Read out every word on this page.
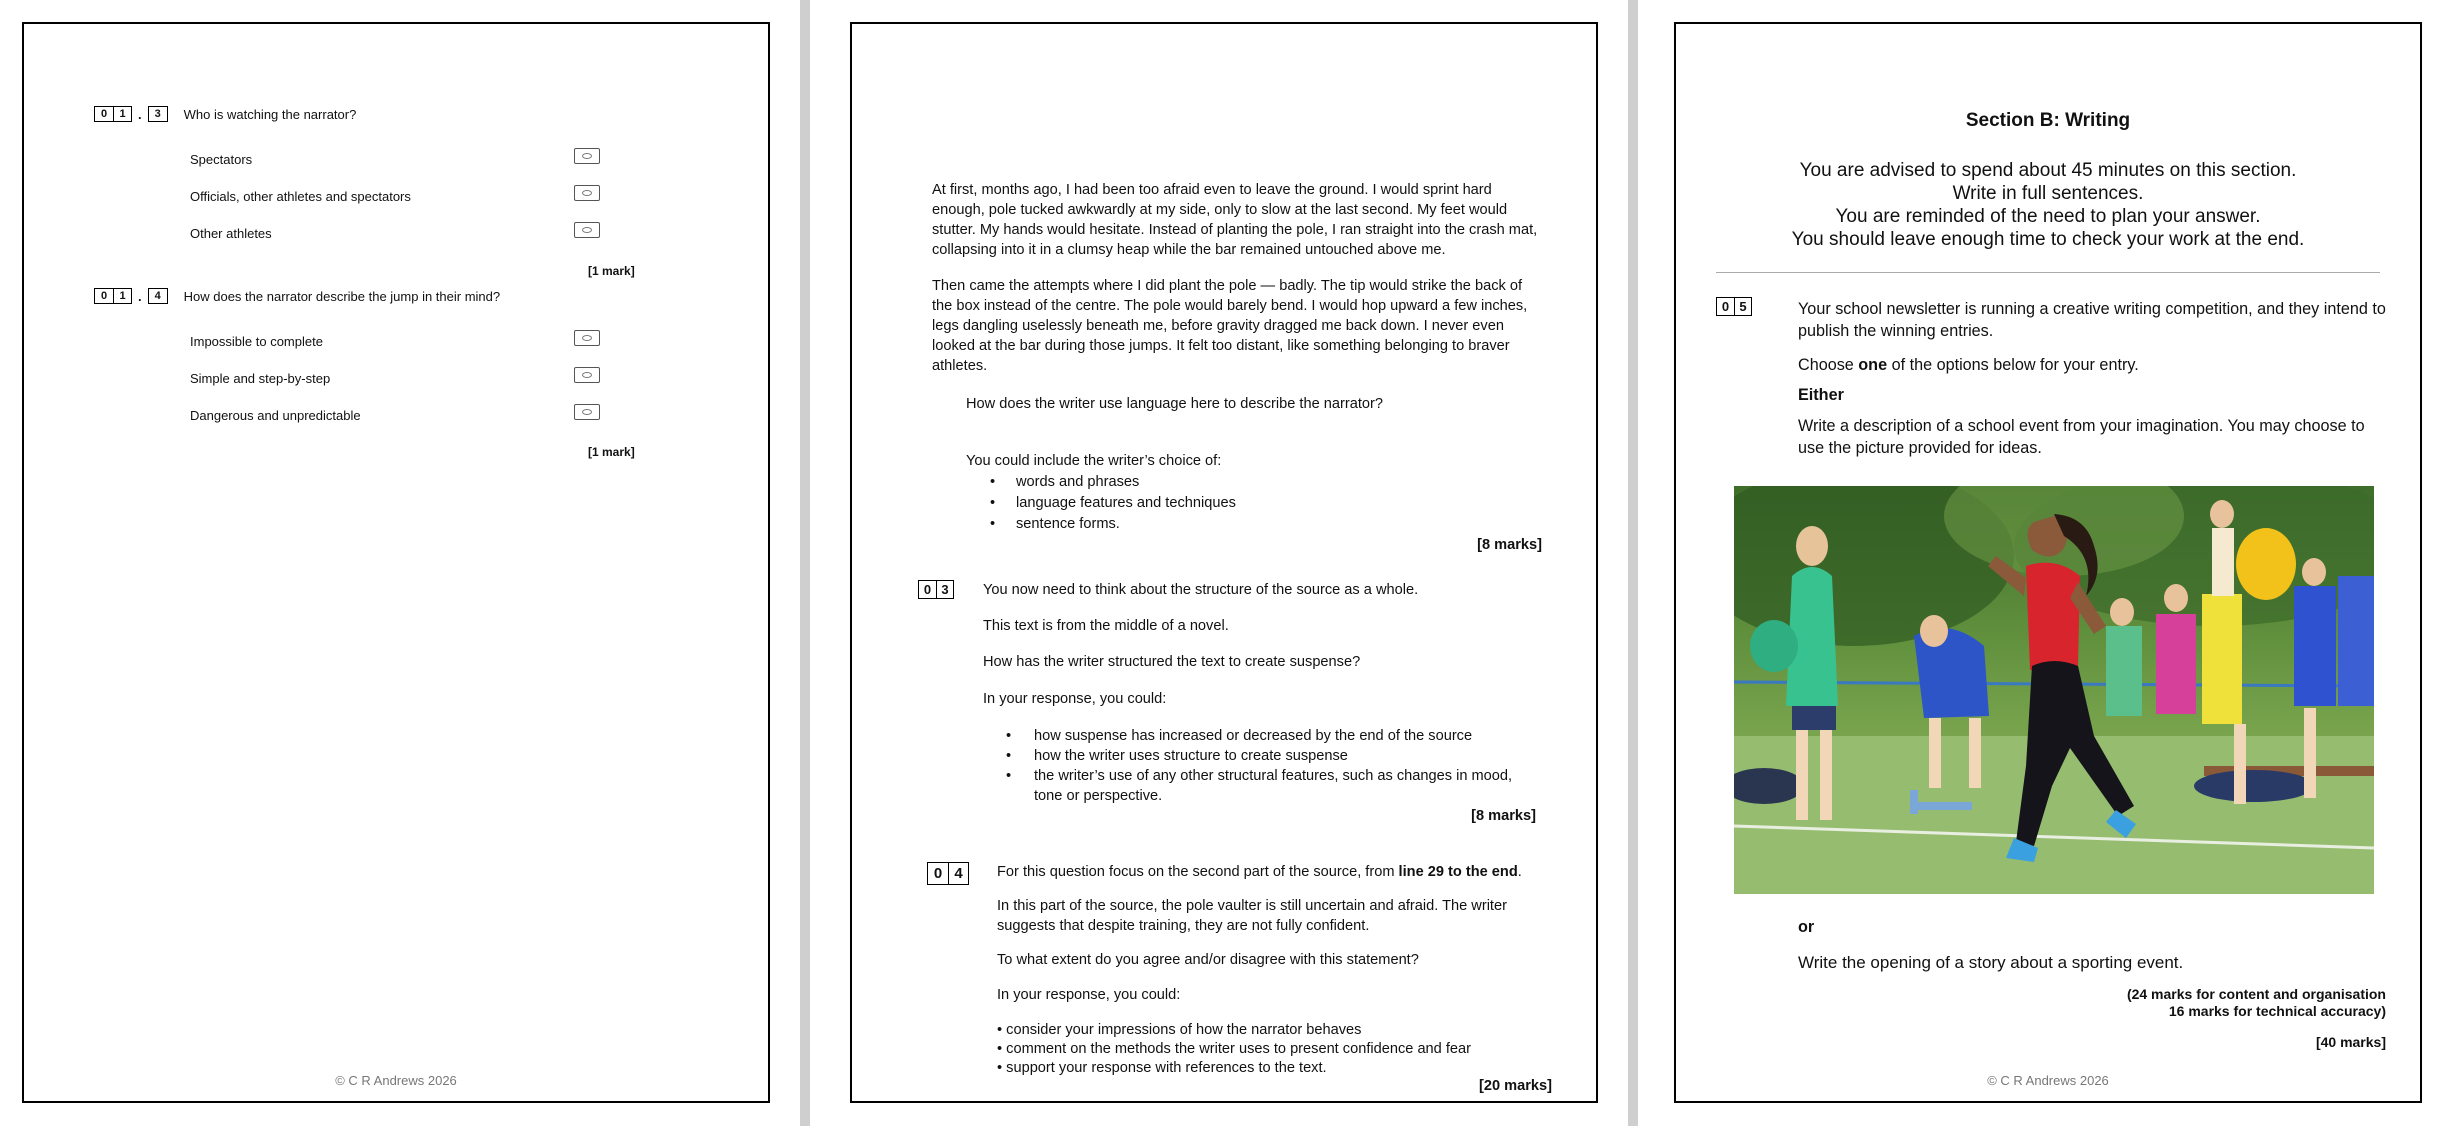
0 1 .	3	Who is watching the narrator?
Spectators
Officials, other athletes and spectators
Other athletes
[1 mark]
0 1 .	4	How does the narrator describe the jump in their mind?
Impossible to complete
Simple and step-by-step
Dangerous and unpredictable
[1 mark]
© C R Andrews 2026
At first, months ago, I had been too afraid even to leave the ground. I would sprint hard enough, pole tucked awkwardly at my side, only to slow at the last second. My feet would stutter. My hands would hesitate. Instead of planting the pole, I ran straight into the crash mat, collapsing into it in a clumsy heap while the bar remained untouched above me.
Then came the attempts where I did plant the pole — badly. The tip would strike the back of the box instead of the centre. The pole would barely bend. I would hop upward a few inches, legs dangling uselessly beneath me, before gravity dragged me back down. I never even looked at the bar during those jumps. It felt too distant, like something belonging to braver athletes.
How does the writer use language here to describe the narrator?
You could include the writer’s choice of:
• words and phrases
• language features and techniques
• sentence forms.
[8 marks]
0 3	You now need to think about the structure of the source as a whole.
This text is from the middle of a novel.
How has the writer structured the text to create suspense?
In your response, you could:
• how suspense has increased or decreased by the end of the source
• how the writer uses structure to create suspense
• the writer’s use of any other structural features, such as changes in mood, tone or perspective.
[8 marks]
0 4	For this question focus on the second part of the source, from line 29 to the end.
In this part of the source, the pole vaulter is still uncertain and afraid. The writer suggests that despite training, they are not fully confident.
To what extent do you agree and/or disagree with this statement?
In your response, you could:
• consider your impressions of how the narrator behaves
• comment on the methods the writer uses to present confidence and fear
• support your response with references to the text.
[20 marks]
Section B: Writing
You are advised to spend about 45 minutes on this section.
Write in full sentences.
You are reminded of the need to plan your answer.
You should leave enough time to check your work at the end.
0 5	Your school newsletter is running a creative writing competition, and they intend to publish the winning entries.
Choose one of the options below for your entry.
Either
Write a description of a school event from your imagination. You may choose to use the picture provided for ideas.
or
Write the opening of a story about a sporting event.
(24 marks for content and organisation
16 marks for technical accuracy)
[40 marks]
© C R Andrews 2026
